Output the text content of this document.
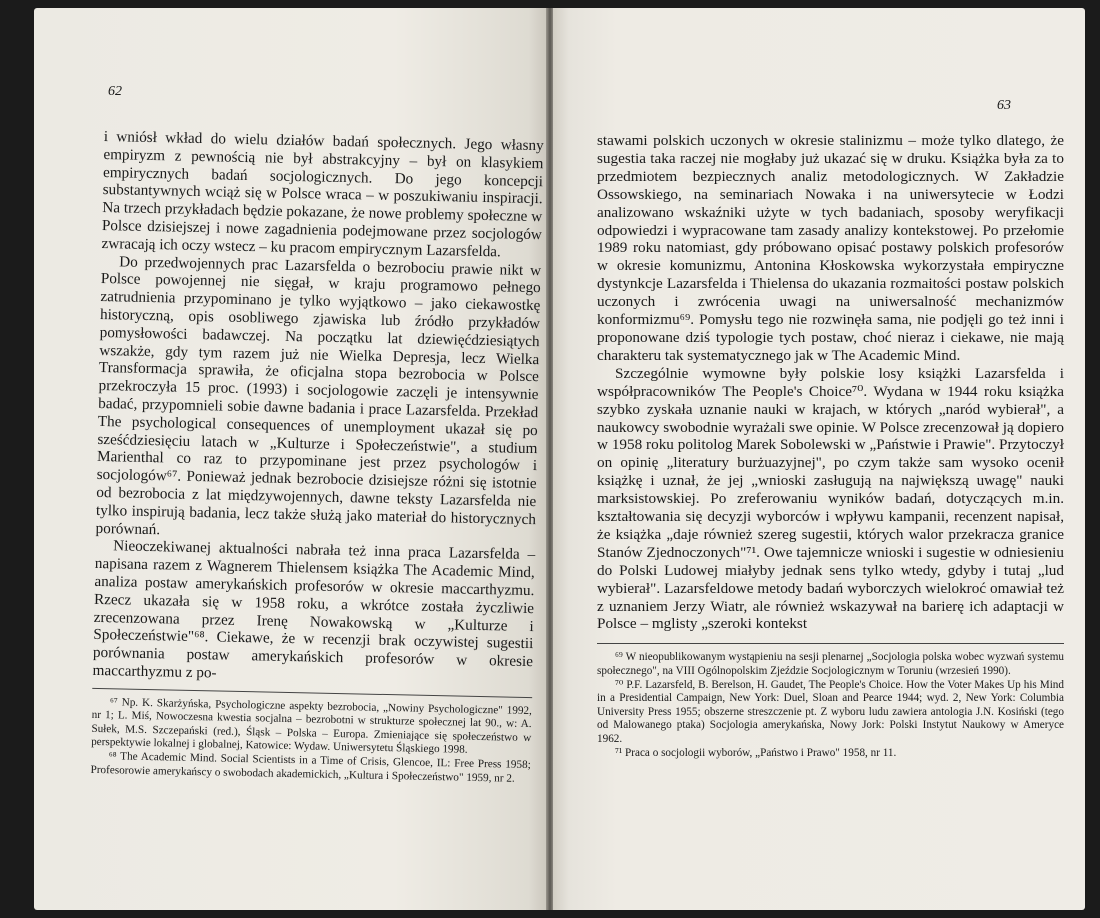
62

i wniósł wkład do wielu działów badań społecznych. Jego własny empiryzm z pewnością nie był abstrakcyjny – był on klasykiem empirycznych badań socjologicznych. Do jego koncepcji substantywnych wciąż się w Polsce wraca – w poszukiwaniu inspiracji. Na trzech przykładach będzie pokazane, że nowe problemy społeczne w Polsce dzisiejszej i nowe zagadnienia podejmowane przez socjologów zwracają ich oczy wstecz – ku pracom empirycznym Lazarsfelda.

Do przedwojennych prac Lazarsfelda o bezrobociu prawie nikt w Polsce powojennej nie sięgał, w kraju programowo pełnego zatrudnienia przypominano je tylko wyjątkowo – jako ciekawostkę historyczną, opis osobliwego zjawiska lub źródło przykładów pomysłowości badawczej. Na początku lat dziewięćdziesiątych wszakże, gdy tym razem już nie Wielka Depresja, lecz Wielka Transformacja sprawiła, że oficjalna stopa bezrobocia w Polsce przekroczyła 15 proc. (1993) i socjologowie zaczęli je intensywnie badać, przypomnieli sobie dawne badania i prace Lazarsfelda. Przekład The psychological consequences of unemployment ukazał się po sześćdziesięciu latach w „Kulturze i Społeczeństwie", a studium Marienthal co raz to przypominane jest przez psychologów i socjologów⁶⁷. Ponieważ jednak bezrobocie dzisiejsze różni się istotnie od bezrobocia z lat międzywojennych, dawne teksty Lazarsfelda nie tylko inspirują badania, lecz także służą jako materiał do historycznych porównań.

Nieoczekiwanej aktualności nabrała też inna praca Lazarsfelda – napisana razem z Wagnerem Thielensem książka The Academic Mind, analiza postaw amerykańskich profesorów w okresie maccarthyzmu. Rzecz ukazała się w 1958 roku, a wkrótce została życzliwie zrecenzowana przez Irenę Nowakowską w „Kulturze i Społeczeństwie"⁶⁸. Ciekawe, że w recenzji brak oczywistej sugestii porównania postaw amerykańskich profesorów w okresie maccarthyzmu z po-

⁶⁷ Np. K. Skarżyńska, Psychologiczne aspekty bezrobocia, „Nowiny Psychologiczne" 1992, nr 1; L. Miś, Nowoczesna kwestia socjalna – bezrobotni w strukturze społecznej lat 90., w: A. Sułek, M.S. Szczepański (red.), Śląsk – Polska – Europa. Zmieniające się społeczeństwo w perspektywie lokalnej i globalnej, Katowice: Wydaw. Uniwersytetu Śląskiego 1998.

⁶⁸ The Academic Mind. Social Scientists in a Time of Crisis, Glencoe, IL: Free Press 1958; Profesorowie amerykańscy o swobodach akademickich, „Kultura i Społeczeństwo" 1959, nr 2.

63

stawami polskich uczonych w okresie stalinizmu – może tylko dlatego, że sugestia taka raczej nie mogłaby już ukazać się w druku. Książka była za to przedmiotem bezpiecznych analiz metodologicznych. W Zakładzie Ossowskiego, na seminariach Nowaka i na uniwersytecie w Łodzi analizowano wskaźniki użyte w tych badaniach, sposoby weryfikacji odpowiedzi i wypracowane tam zasady analizy kontekstowej. Po przełomie 1989 roku natomiast, gdy próbowano opisać postawy polskich profesorów w okresie komunizmu, Antonina Kłoskowska wykorzystała empiryczne dystynkcje Lazarsfelda i Thielensa do ukazania rozmaitości postaw polskich uczonych i zwrócenia uwagi na uniwersalność mechanizmów konformizmu⁶⁹. Pomysłu tego nie rozwinęła sama, nie podjęli go też inni i proponowane dziś typologie tych postaw, choć nieraz i ciekawe, nie mają charakteru tak systematycznego jak w The Academic Mind.

Szczególnie wymowne były polskie losy książki Lazarsfelda i współpracowników The People's Choice⁷⁰. Wydana w 1944 roku książka szybko zyskała uznanie nauki w krajach, w których „naród wybierał", a naukowcy swobodnie wyrażali swe opinie. W Polsce zrecenzował ją dopiero w 1958 roku politolog Marek Sobolewski w „Państwie i Prawie". Przytoczył on opinię „literatury burżuazyjnej", po czym także sam wysoko ocenił książkę i uznał, że jej „wnioski zasługują na największą uwagę" nauki marksistowskiej. Po zreferowaniu wyników badań, dotyczących m.in. kształtowania się decyzji wyborców i wpływu kampanii, recenzent napisał, że książka „daje również szereg sugestii, których walor przekracza granice Stanów Zjednoczonych"⁷¹. Owe tajemnicze wnioski i sugestie w odniesieniu do Polski Ludowej miałyby jednak sens tylko wtedy, gdyby i tutaj „lud wybierał". Lazarsfeldowe metody badań wyborczych wielokroć omawiał też z uznaniem Jerzy Wiatr, ale również wskazywał na barierę ich adaptacji w Polsce – mglisty „szeroki kontekst

⁶⁹ W nieopublikowanym wystąpieniu na sesji plenarnej „Socjologia polska wobec wyzwań systemu społecznego", na VIII Ogólnopolskim Zjeździe Socjologicznym w Toruniu (wrzesień 1990).

⁷⁰ P.F. Lazarsfeld, B. Berelson, H. Gaudet, The People's Choice. How the Voter Makes Up his Mind in a Presidential Campaign, New York: Duel, Sloan and Pearce 1944; wyd. 2, New York: Columbia University Press 1955; obszerne streszczenie pt. Z wyboru ludu zawiera antologia J.N. Kosiński (tego od Malowanego ptaka) Socjologia amerykańska, Nowy Jork: Polski Instytut Naukowy w Ameryce 1962.

⁷¹ Praca o socjologii wyborów, „Państwo i Prawo" 1958, nr 11.
